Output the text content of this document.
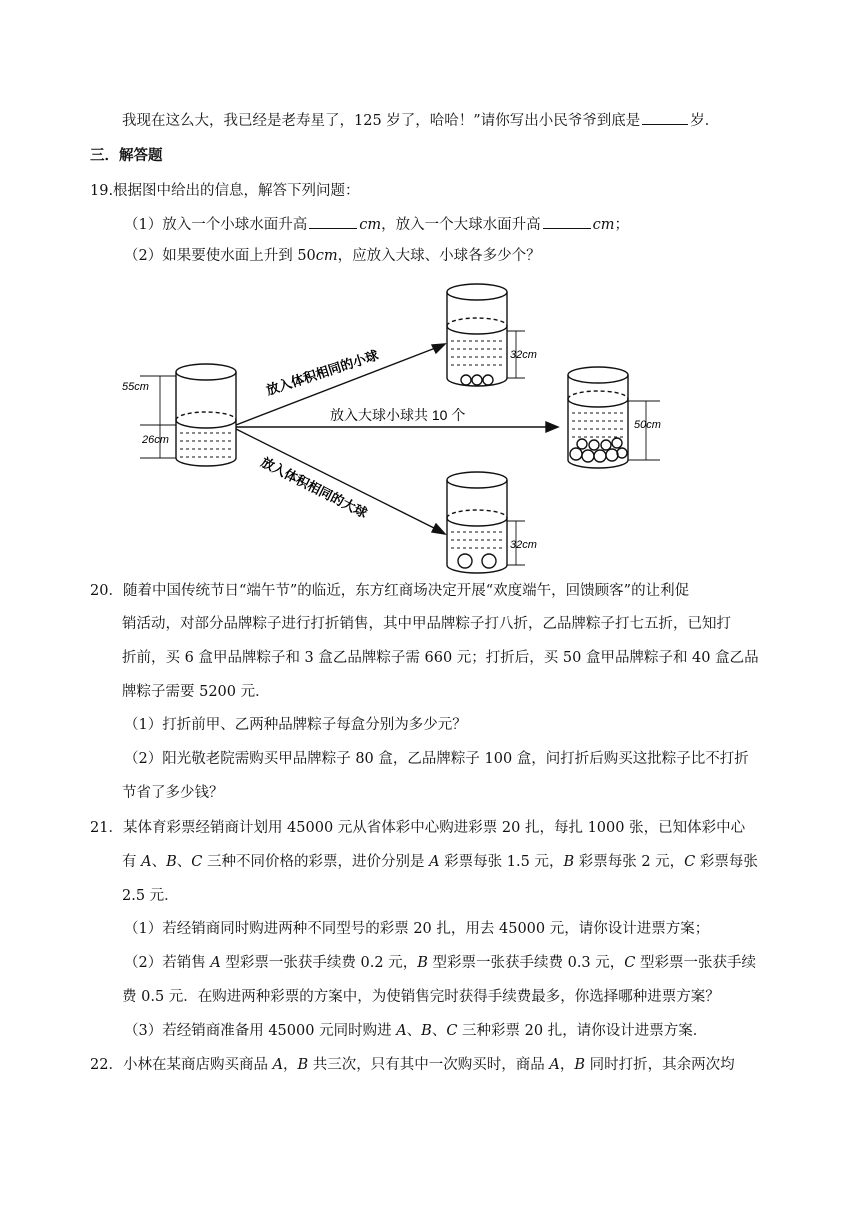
我现在这么大，我已经是老寿星了，125 岁了，哈哈！”请你写出小民爷爷到底是	岁．
三．解答题
19.根据图中给出的信息，解答下列问题：
（1）放入一个小球水面升高	cm，放入一个大球水面升高	cm；
（2）如果要使水面上升到 50cm，应放入大球、小球各多少个？
55cm
26cm
放入体积相同的小球
放入大球小球共 10 个
放入体积相同的大球
32cm
50cm
32cm
20．随着中国传统节日“端午节”的临近，东方红商场决定开展“欢度端午，回馈顾客”的让利促
销活动，对部分品牌粽子进行打折销售，其中甲品牌粽子打八折，乙品牌粽子打七五折，已知打
折前，买 6 盒甲品牌粽子和 3 盒乙品牌粽子需 660 元；打折后，买 50 盒甲品牌粽子和 40 盒乙品
牌粽子需要 5200 元．
（1）打折前甲、乙两种品牌粽子每盒分别为多少元？
（2）阳光敬老院需购买甲品牌粽子 80 盒，乙品牌粽子 100 盒，问打折后购买这批粽子比不打折
节省了多少钱？
21．某体育彩票经销商计划用 45000 元从省体彩中心购进彩票 20 扎，每扎 1000 张，已知体彩中心
有 A、B、C 三种不同价格的彩票，进价分别是 A 彩票每张 1.5 元，B 彩票每张 2 元，C 彩票每张
2.5 元．
（1）若经销商同时购进两种不同型号的彩票 20 扎，用去 45000 元，请你设计进票方案；
（2）若销售 A 型彩票一张获手续费 0.2 元，B 型彩票一张获手续费 0.3 元，C 型彩票一张获手续
费 0.5 元．在购进两种彩票的方案中，为使销售完时获得手续费最多，你选择哪种进票方案？
（3）若经销商准备用 45000 元同时购进 A、B、C 三种彩票 20 扎，请你设计进票方案．
22．小林在某商店购买商品 A，B 共三次，只有其中一次购买时，商品 A，B 同时打折，其余两次均
